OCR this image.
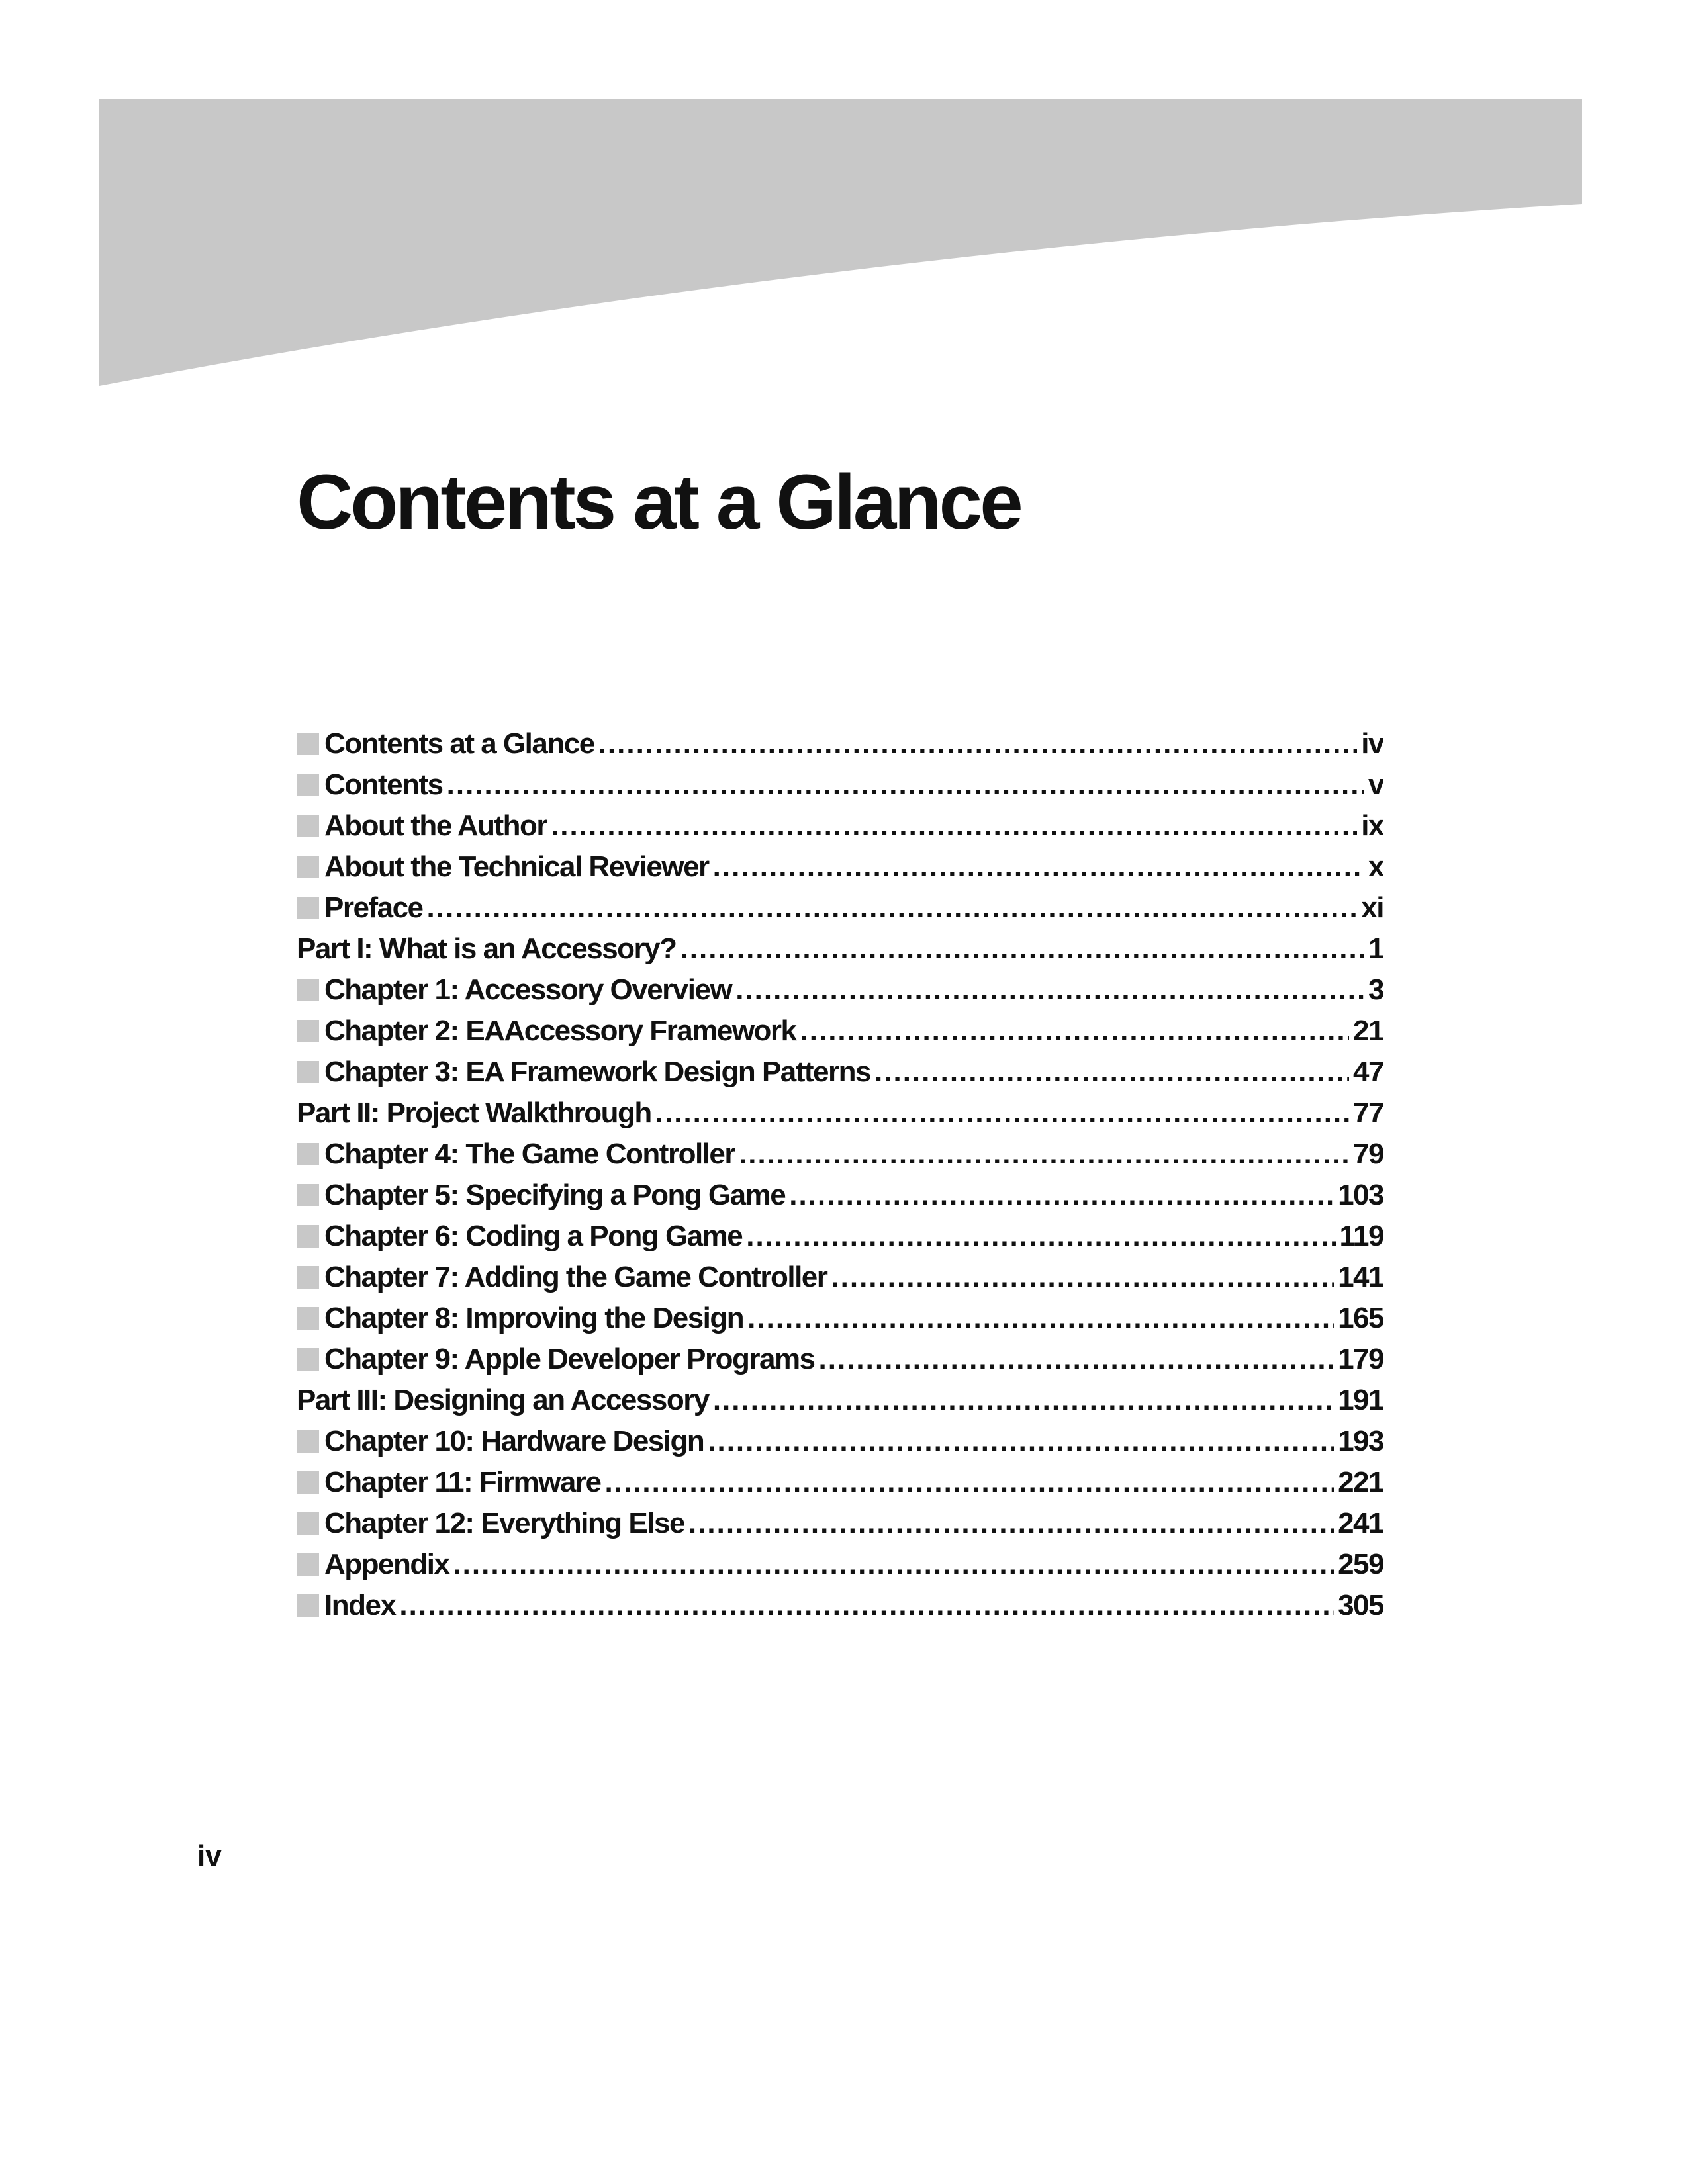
Contents at a Glance
Contents at a Glance .....	iv
Contents .....	v
About the Author .....	ix
About the Technical Reviewer .....	x
Preface .....	xi
Part I: What is an Accessory? .....	1
Chapter 1: Accessory Overview .....	3
Chapter 2: EAAccessory Framework .....	21
Chapter 3: EA Framework Design Patterns .....	47
Part II: Project Walkthrough .....	77
Chapter 4: The Game Controller .....	79
Chapter 5: Specifying a Pong Game .....	103
Chapter 6: Coding a Pong Game .....	119
Chapter 7: Adding the Game Controller .....	141
Chapter 8: Improving the Design .....	165
Chapter 9: Apple Developer Programs .....	179
Part III: Designing an Accessory .....	191
Chapter 10: Hardware Design .....	193
Chapter 11: Firmware .....	221
Chapter 12: Everything Else .....	241
Appendix .....	259
Index .....	305

iv
